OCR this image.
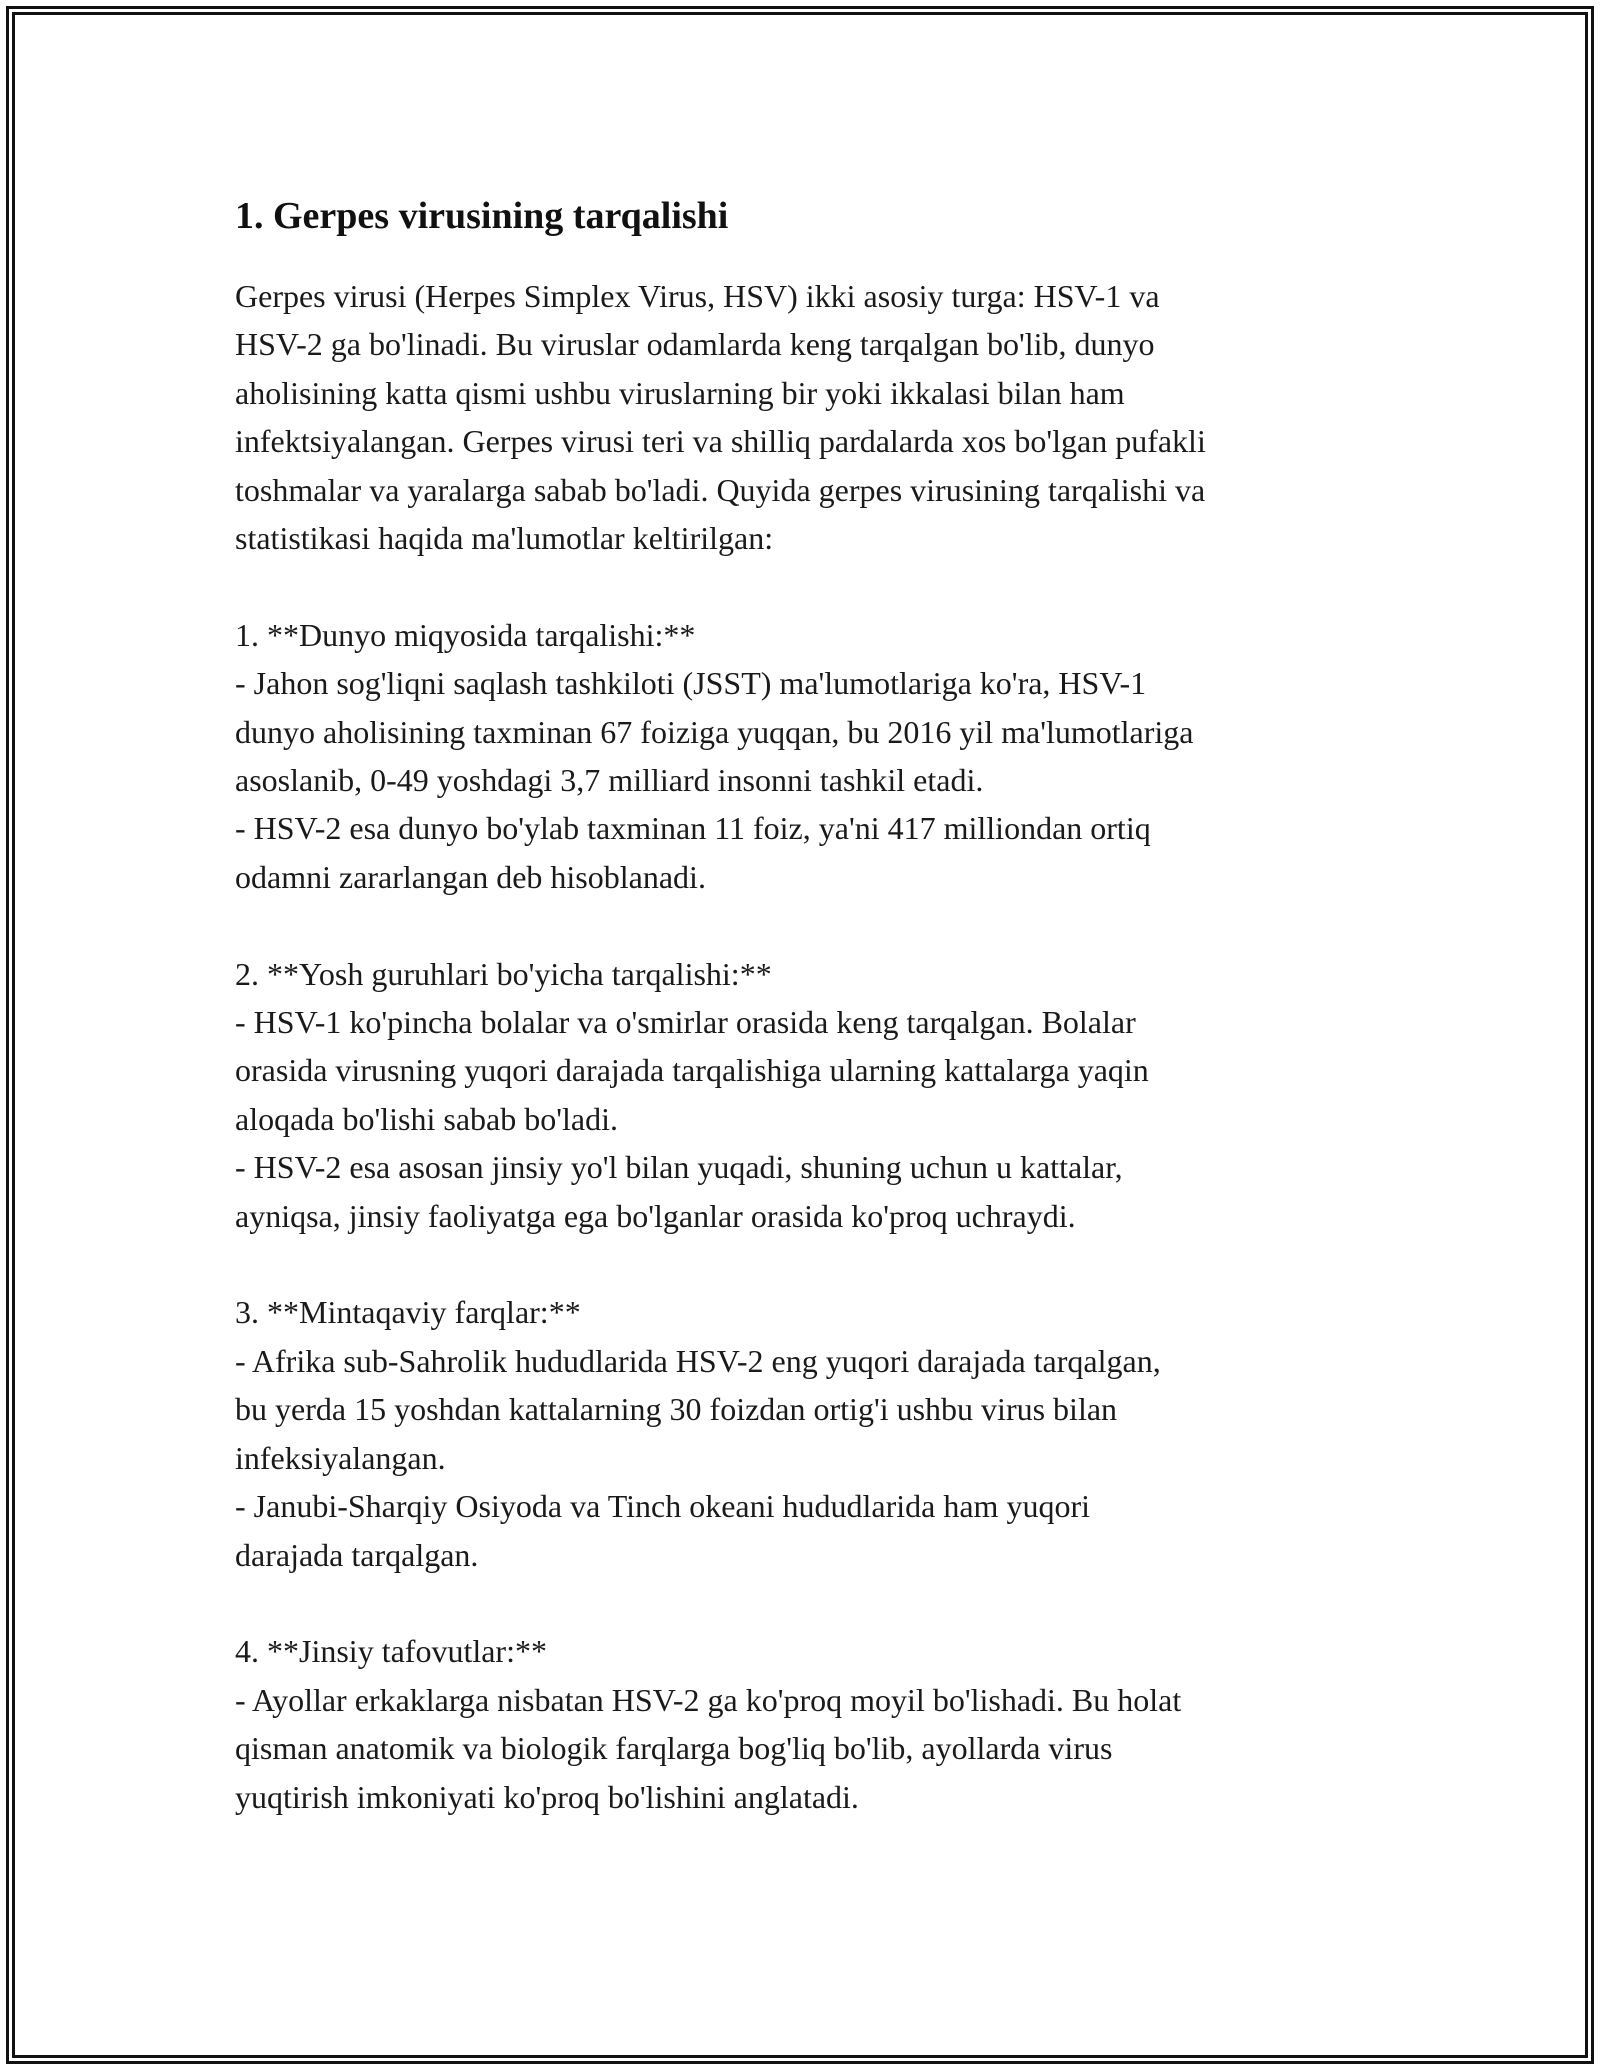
1. Gerpes virusining tarqalishi

Gerpes virusi (Herpes Simplex Virus, HSV) ikki asosiy turga: HSV-1 va
HSV-2 ga bo'linadi. Bu viruslar odamlarda keng tarqalgan bo'lib, dunyo
aholisining katta qismi ushbu viruslarning bir yoki ikkalasi bilan ham
infektsiyalangan. Gerpes virusi teri va shilliq pardalarda xos bo'lgan pufakli
toshmalar va yaralarga sabab bo'ladi. Quyida gerpes virusining tarqalishi va
statistikasi haqida ma'lumotlar keltirilgan:

1. **Dunyo miqyosida tarqalishi:**

- Jahon sog'liqni saqlash tashkiloti (JSST) ma'lumotlariga ko'ra, HSV-1
dunyo aholisining taxminan 67 foiziga yuqqan, bu 2016 yil ma'lumotlariga
asoslanib, 0-49 yoshdagi 3,7 milliard insonni tashkil etadi.

- HSV-2 esa dunyo bo'ylab taxminan 11 foiz, ya'ni 417 milliondan ortiq
odamni zararlangan deb hisoblanadi.

2. **Yosh guruhlari bo'yicha tarqalishi:**

- HSV-1 ko'pincha bolalar va o'smirlar orasida keng tarqalgan. Bolalar
orasida virusning yuqori darajada tarqalishiga ularning kattalarga yaqin
aloqada bo'lishi sabab bo'ladi.

- HSV-2 esa asosan jinsiy yo'l bilan yuqadi, shuning uchun u kattalar,
ayniqsa, jinsiy faoliyatga ega bo'lganlar orasida ko'proq uchraydi.

3. **Mintaqaviy farqlar:**

- Afrika sub-Sahrolik hududlarida HSV-2 eng yuqori darajada tarqalgan,
bu yerda 15 yoshdan kattalarning 30 foizdan ortig'i ushbu virus bilan
infeksiyalangan.

- Janubi-Sharqiy Osiyoda va Tinch okeani hududlarida ham yuqori
darajada tarqalgan.

4. **Jinsiy tafovutlar:**

- Ayollar erkaklarga nisbatan HSV-2 ga ko'proq moyil bo'lishadi. Bu holat
qisman anatomik va biologik farqlarga bog'liq bo'lib, ayollarda virus
yuqtirish imkoniyati ko'proq bo'lishini anglatadi.
